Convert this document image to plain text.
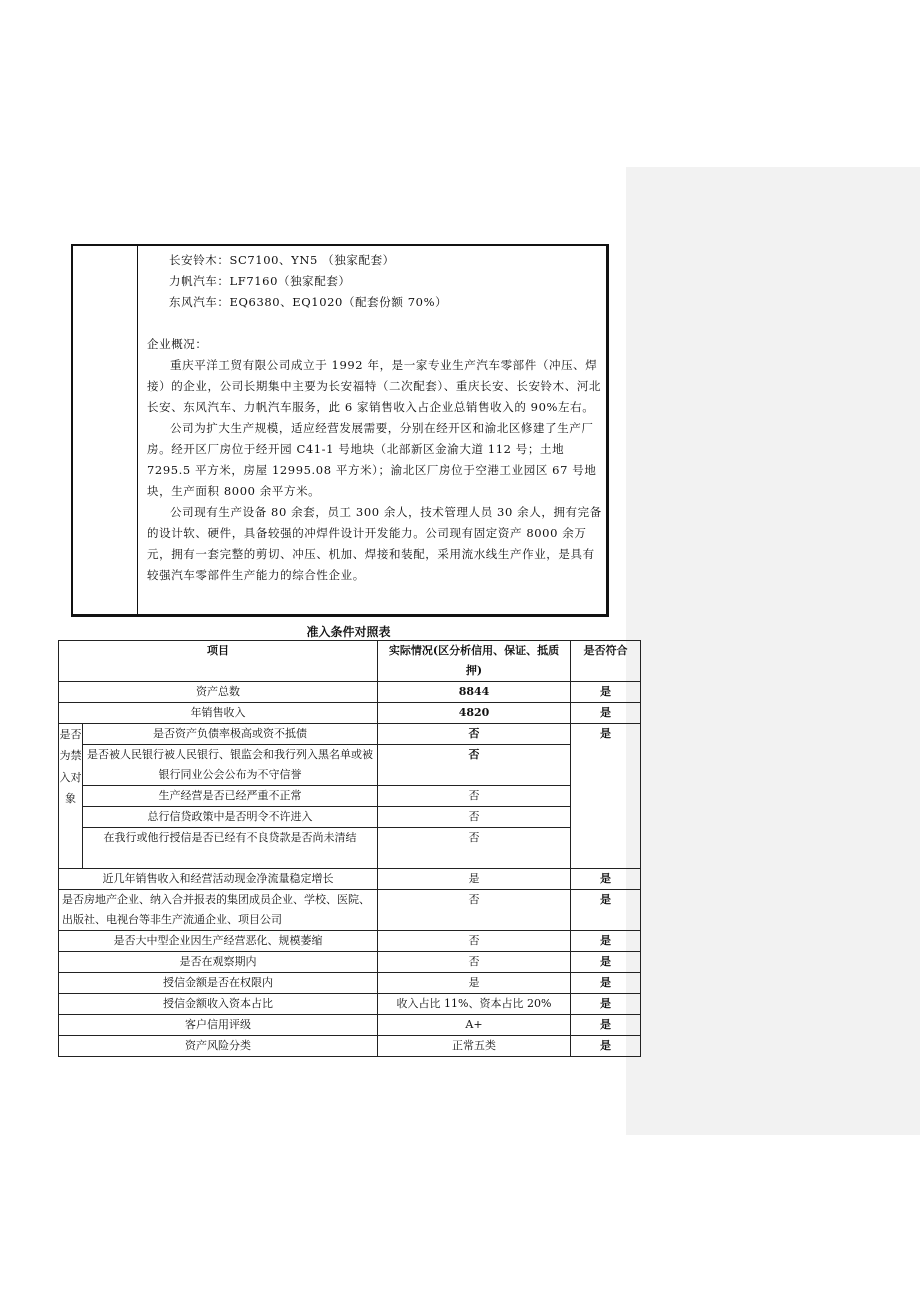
长安铃木：SC7100、YN5 （独家配套）

力帆汽车：LF7160（独家配套）

东风汽车：EQ6380、EQ1020（配套份额 70%）

企业概况：

重庆平洋工贸有限公司成立于 1992 年，是一家专业生产汽车零部件（冲压、焊接）的企业，公司长期集中主要为长安福特（二次配套）、重庆长安、长安铃木、河北长安、东风汽车、力帆汽车服务，此 6 家销售收入占企业总销售收入的 90%左右。

公司为扩大生产规模，适应经营发展需要，分别在经开区和渝北区修建了生产厂房。经开区厂房位于经开园 C41-1 号地块（北部新区金渝大道 112 号；土地 7295.5 平方米，房屋 12995.08 平方米）；渝北区厂房位于空港工业园区 67 号地块，生产面积 8000 余平方米。

公司现有生产设备 80 余套，员工 300 余人，技术管理人员 30 余人，拥有完备的设计软、硬件，具备较强的冲焊件设计开发能力。公司现有固定资产 8000 余万元，拥有一套完整的剪切、冲压、机加、焊接和装配，采用流水线生产作业，是具有较强汽车零部件生产能力的综合性企业。

准入条件对照表
项目		实际情况(区分析信用、保证、抵质押)	是否符合
资产总数		8844	是
年销售收入		4820	是
是否为禁入对象	是否资产负债率极高或资不抵债	否	是
	是否被人民银行被人民银行、银监会和我行列入黑名单或被银行同业公会公布为不守信誉	否	
	生产经营是否已经严重不正常	否	
	总行信贷政策中是否明令不许进入	否	
	在我行或他行授信是否已经有不良贷款是否尚未清结	否	
近几年销售收入和经营活动现金净流量稳定增长		是	是
是否房地产企业、纳入合并报表的集团成员企业、学校、医院、出版社、电视台等非生产流通企业、项目公司		否	是
是否大中型企业因生产经营恶化、规模萎缩		否	是
是否在观察期内		否	是
授信金额是否在权限内		是	是
授信金额收入资本占比		收入占比 11%、资本占比 20%	是
客户信用评级		A+	是
资产风险分类		正常五类	是
